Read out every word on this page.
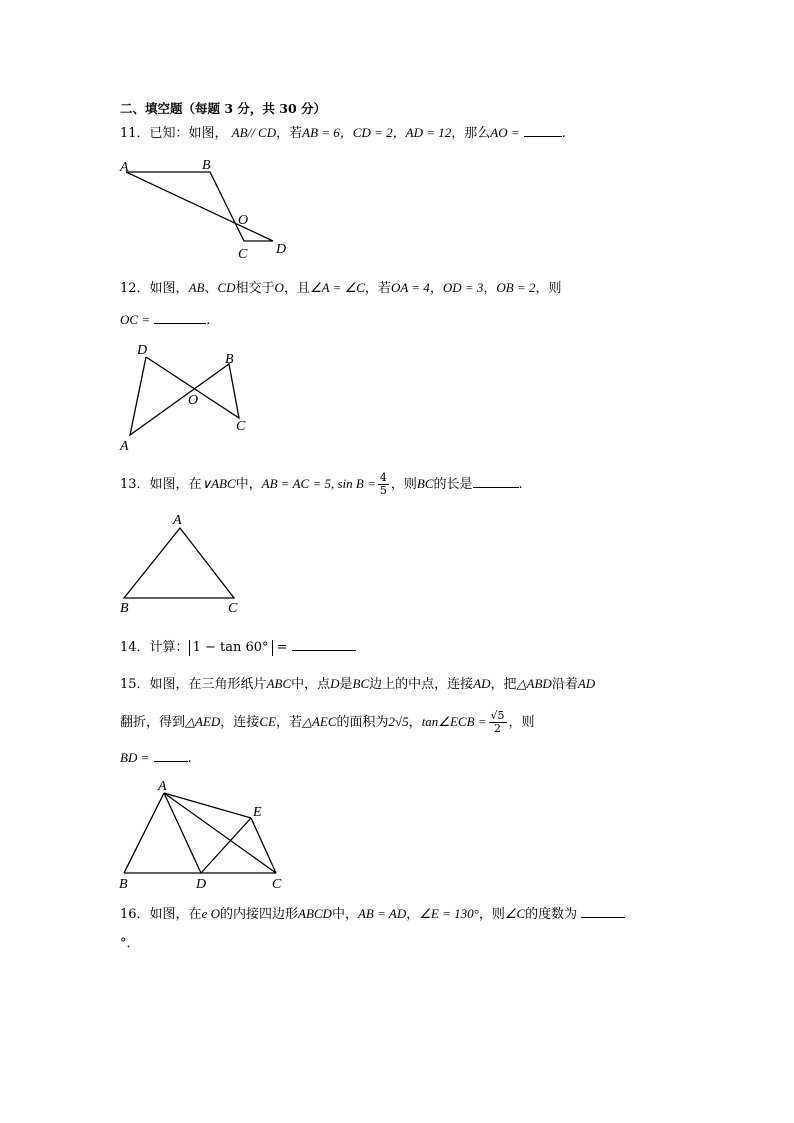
二、填空题（每题 3 分，共 30 分）
11．已知：如图， AB// CD，若AB = 6，CD = 2，AD = 12，那么AO =	.
A	B
O
C D
12．如图，AB、CD相交于O，且∠A = ∠C，若OA = 4，OD = 3，OB = 2，则
OC =	.
D
B
O
A
C
13．如图，在∨ABC中，AB = AC = 5, $\sin B = \frac{4}{5}$ ，则BC的长是	.
A
B	C
14．计算： 1 − tan 60° =
15．如图，在三角形纸片ABC中，点D是BC边上的中点，连接AD，把△ABD沿着AD
翻折，得到△AED，连接CE，若△AEC的面积为2√5，tan∠ECB = $\frac{√5}{2}$ ，则
BD =	.
A
E
B	D	C
16．如图，在e O的内接四边形ABCD中，AB = AD，∠E = 130°，则∠C的度数为
°．
